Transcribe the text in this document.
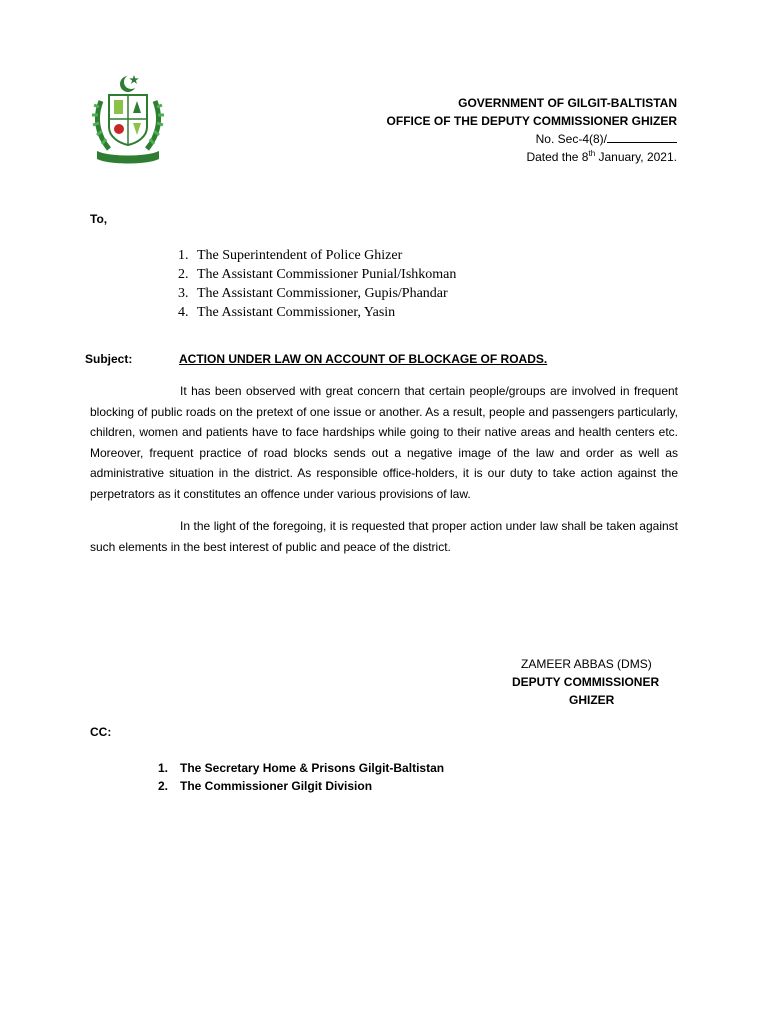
GOVERNMENT OF GILGIT-BALTISTAN
OFFICE OF THE DEPUTY COMMISSIONER GHIZER
No. Sec-4(8)/
Dated the 8th January, 2021.
To,
1. The Superintendent of Police Ghizer
2. The Assistant Commissioner Punial/Ishkoman
3. The Assistant Commissioner, Gupis/Phandar
4. The Assistant Commissioner, Yasin
Subject:	ACTION UNDER LAW ON ACCOUNT OF BLOCKAGE OF ROADS.

It has been observed with great concern that certain people/groups are involved in frequent blocking of public roads on the pretext of one issue or another. As a result, people and passengers particularly, children, women and patients have to face hardships while going to their native areas and health centers etc. Moreover, frequent practice of road blocks sends out a negative image of the law and order as well as administrative situation in the district. As responsible office-holders, it is our duty to take action against the perpetrators as it constitutes an offence under various provisions of law.

In the light of the foregoing, it is requested that proper action under law shall be taken against such elements in the best interest of public and peace of the district.

ZAMEER ABBAS (DMS)
DEPUTY COMMISSIONER
GHIZER
CC:
1. The Secretary Home & Prisons Gilgit-Baltistan
2. The Commissioner Gilgit Division
